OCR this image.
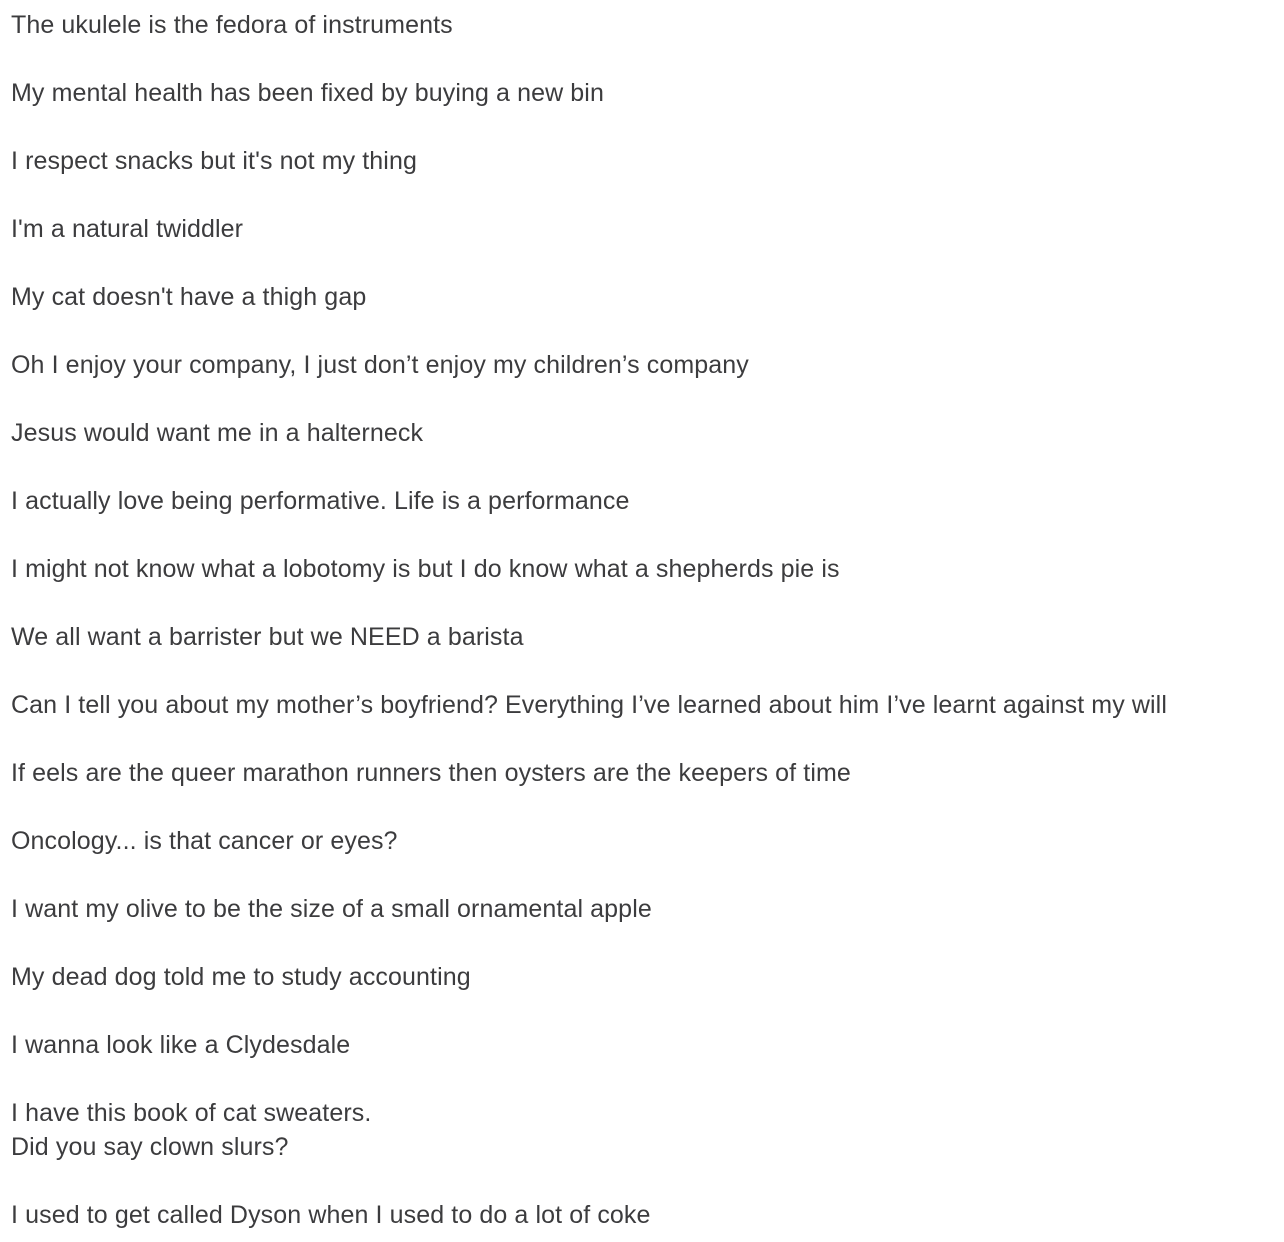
The ukulele is the fedora of instruments
My mental health has been fixed by buying a new bin
I respect snacks but it's not my thing
I'm a natural twiddler
My cat doesn't have a thigh gap
Oh I enjoy your company, I just don’t enjoy my children’s company
Jesus would want me in a halterneck
I actually love being performative. Life is a performance
I might not know what a lobotomy is but I do know what a shepherds pie is
We all want a barrister but we NEED a barista
Can I tell you about my mother’s boyfriend? Everything I’ve learned about him I’ve learnt against my will
If eels are the queer marathon runners then oysters are the keepers of time
Oncology... is that cancer or eyes?
I want my olive to be the size of a small ornamental apple
My dead dog told me to study accounting
I wanna look like a Clydesdale
I have this book of cat sweaters.
Did you say clown slurs?
I used to get called Dyson when I used to do a lot of coke
